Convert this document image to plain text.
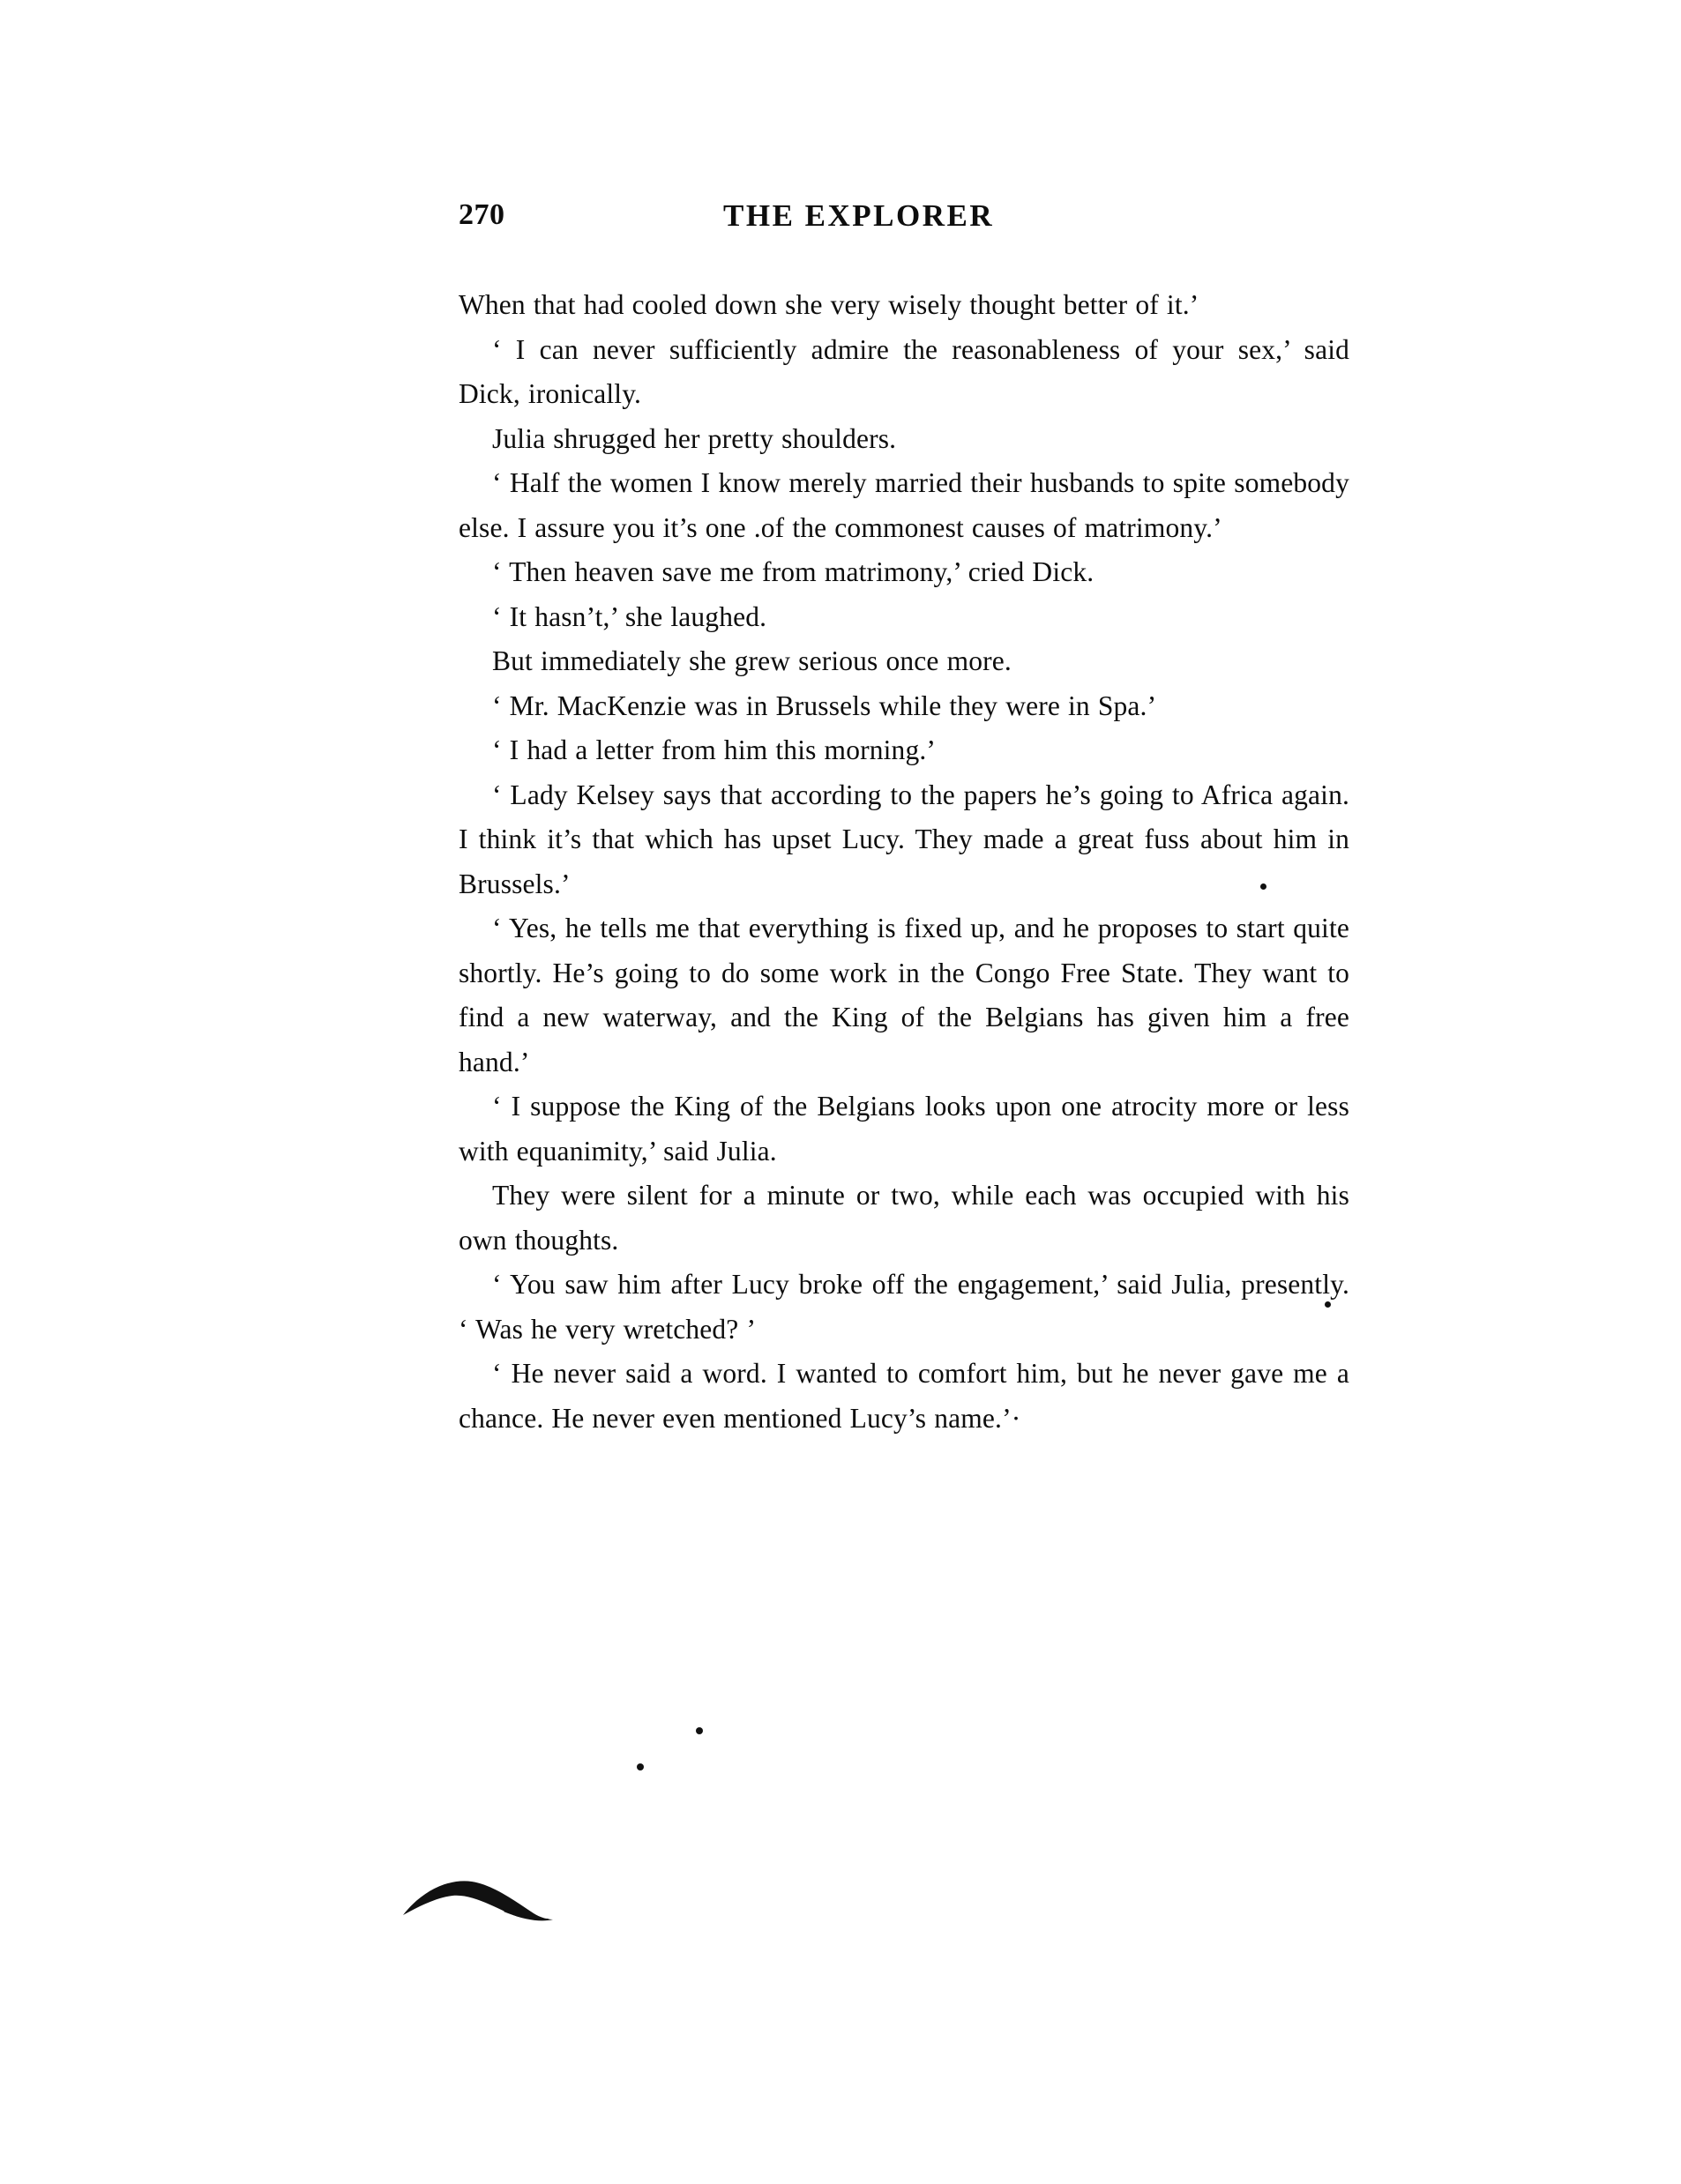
270	THE EXPLORER

When that had cooled down she very wisely thought better of it.’

‘ I can never sufficiently admire the reasonableness of your sex,’ said Dick, ironically.

Julia shrugged her pretty shoulders.

‘ Half the women I know merely married their husbands to spite somebody else. I assure you it’s one .of the commonest causes of matrimony.’

‘ Then heaven save me from matrimony,’ cried Dick.

‘ It hasn’t,’ she laughed.

But immediately she grew serious once more.

‘ Mr. MacKenzie was in Brussels while they were in Spa.’

‘ I had a letter from him this morning.’

‘ Lady Kelsey says that according to the papers he’s going to Africa again. I think it’s that which has upset Lucy. They made a great fuss about him in Brussels.’

‘ Yes, he tells me that everything is fixed up, and he proposes to start quite shortly. He’s going to do some work in the Congo Free State. They want to find a new waterway, and the King of the Belgians has given him a free hand.’

‘ I suppose the King of the Belgians looks upon one atrocity more or less with equanimity,’ said Julia.

They were silent for a minute or two, while each was occupied with his own thoughts.

‘ You saw him after Lucy broke off the engagement,’ said Julia, presently. ‘ Was he very wretched? ’

‘ He never said a word. I wanted to comfort him, but he never gave me a chance. He never even mentioned Lucy’s name.’·
